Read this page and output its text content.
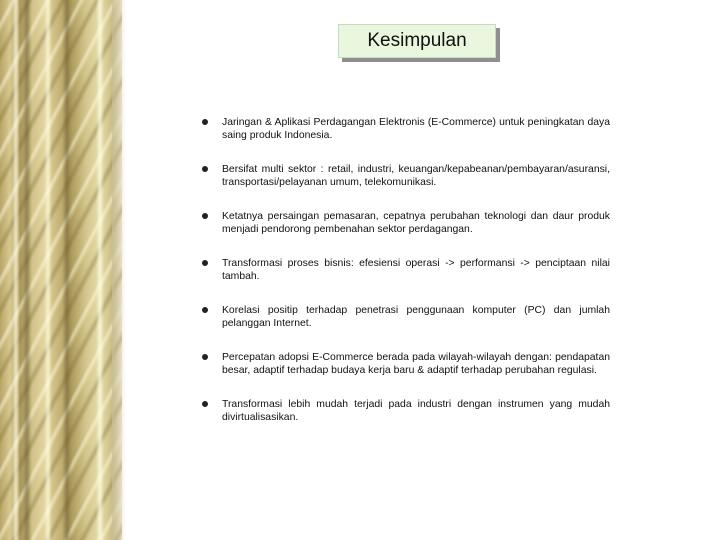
Kesimpulan
Jaringan & Aplikasi Perdagangan Elektronis (E-Commerce) untuk peningkatan daya saing produk Indonesia.
Bersifat multi sektor : retail, industri, keuangan/kepabeanan/pembayaran/asuransi, transportasi/pelayanan umum, telekomunikasi.
Ketatnya persaingan pemasaran, cepatnya perubahan teknologi dan daur produk menjadi pendorong pembenahan sektor perdagangan.
Transformasi proses bisnis: efesiensi operasi -> performansi -> penciptaan nilai tambah.
Korelasi positip terhadap penetrasi penggunaan komputer (PC) dan jumlah pelanggan Internet.
Percepatan adopsi E-Commerce berada pada wilayah-wilayah dengan: pendapatan besar, adaptif terhadap budaya kerja baru & adaptif terhadap perubahan regulasi.
Transformasi lebih mudah terjadi pada industri dengan instrumen yang mudah divirtualisasikan.
